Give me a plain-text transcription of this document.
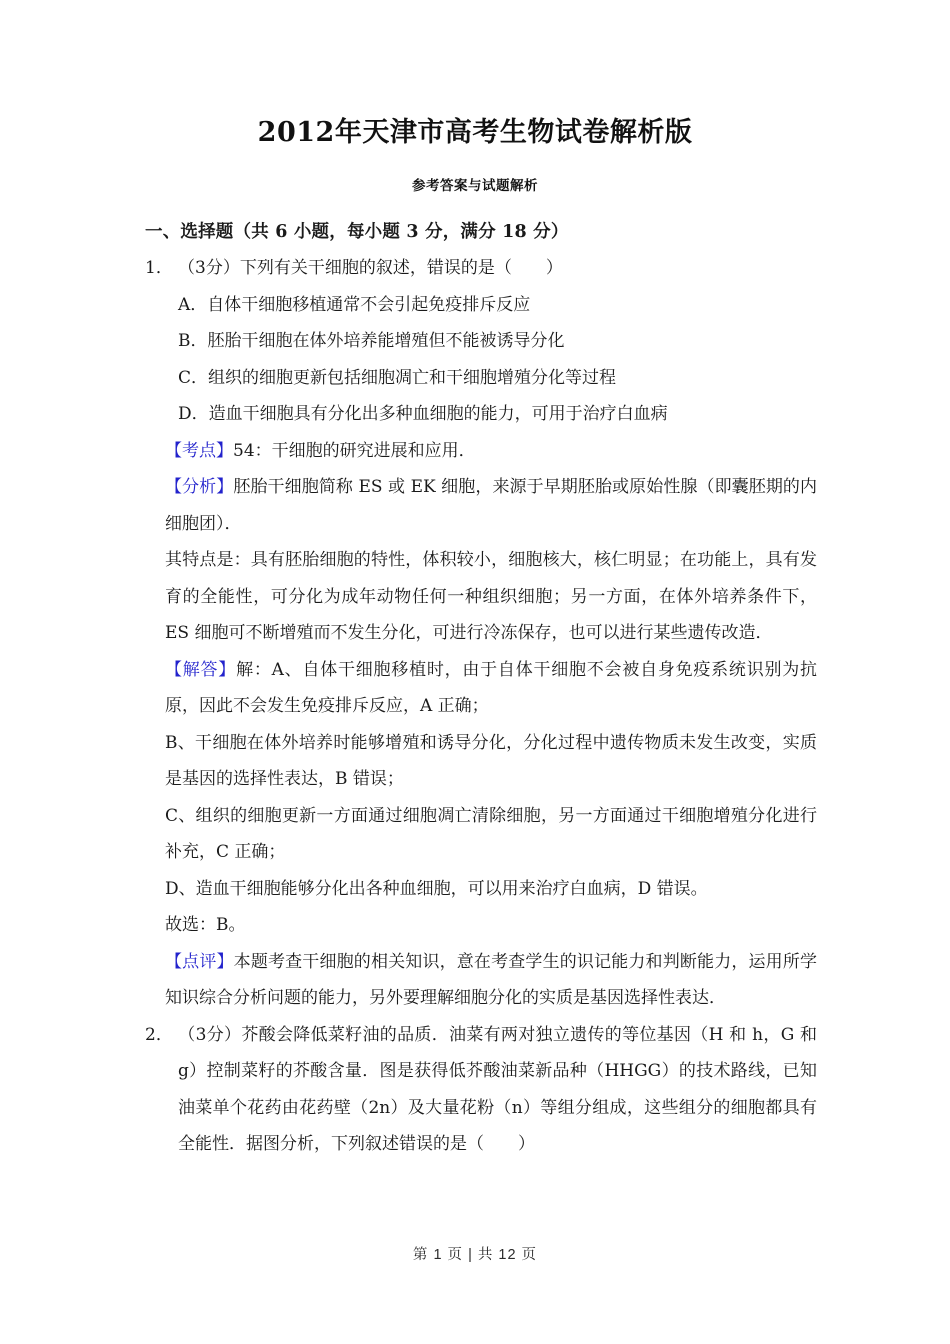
2012年天津市高考生物试卷解析版
参考答案与试题解析
一、选择题（共 6 小题，每小题 3 分，满分 18 分）

1． （3分）下列有关干细胞的叙述，错误的是（　　）

A．自体干细胞移植通常不会引起免疫排斥反应

B．胚胎干细胞在体外培养能增殖但不能被诱导分化

C．组织的细胞更新包括细胞凋亡和干细胞增殖分化等过程

D．造血干细胞具有分化出多种血细胞的能力，可用于治疗白血病

【考点】54：干细胞的研究进展和应用．

【分析】胚胎干细胞简称 ES 或 EK 细胞，来源于早期胚胎或原始性腺（即囊胚期的内细胞团）．

其特点是：具有胚胎细胞的特性，体积较小，细胞核大，核仁明显；在功能上，具有发育的全能性，可分化为成年动物任何一种组织细胞；另一方面，在体外培养条件下，ES 细胞可不断增殖而不发生分化，可进行冷冻保存，也可以进行某些遗传改造．

【解答】解：A、自体干细胞移植时，由于自体干细胞不会被自身免疫系统识别为抗原，因此不会发生免疫排斥反应，A 正确；

B、干细胞在体外培养时能够增殖和诱导分化，分化过程中遗传物质未发生改变，实质是基因的选择性表达，B 错误；

C、组织的细胞更新一方面通过细胞凋亡清除细胞，另一方面通过干细胞增殖分化进行补充，C 正确；

D、造血干细胞能够分化出各种血细胞，可以用来治疗白血病，D 错误。

故选：B。

【点评】本题考查干细胞的相关知识，意在考查学生的识记能力和判断能力，运用所学知识综合分析问题的能力，另外要理解细胞分化的实质是基因选择性表达．

2． （3分）芥酸会降低菜籽油的品质．油菜有两对独立遗传的等位基因（H 和 h，G 和 g）控制菜籽的芥酸含量．图是获得低芥酸油菜新品种（HHGG）的技术路线，已知油菜单个花药由花药壁（2n）及大量花粉（n）等组分组成，这些组分的细胞都具有全能性．据图分析，下列叙述错误的是（　　）

第 1 页 | 共 12 页
